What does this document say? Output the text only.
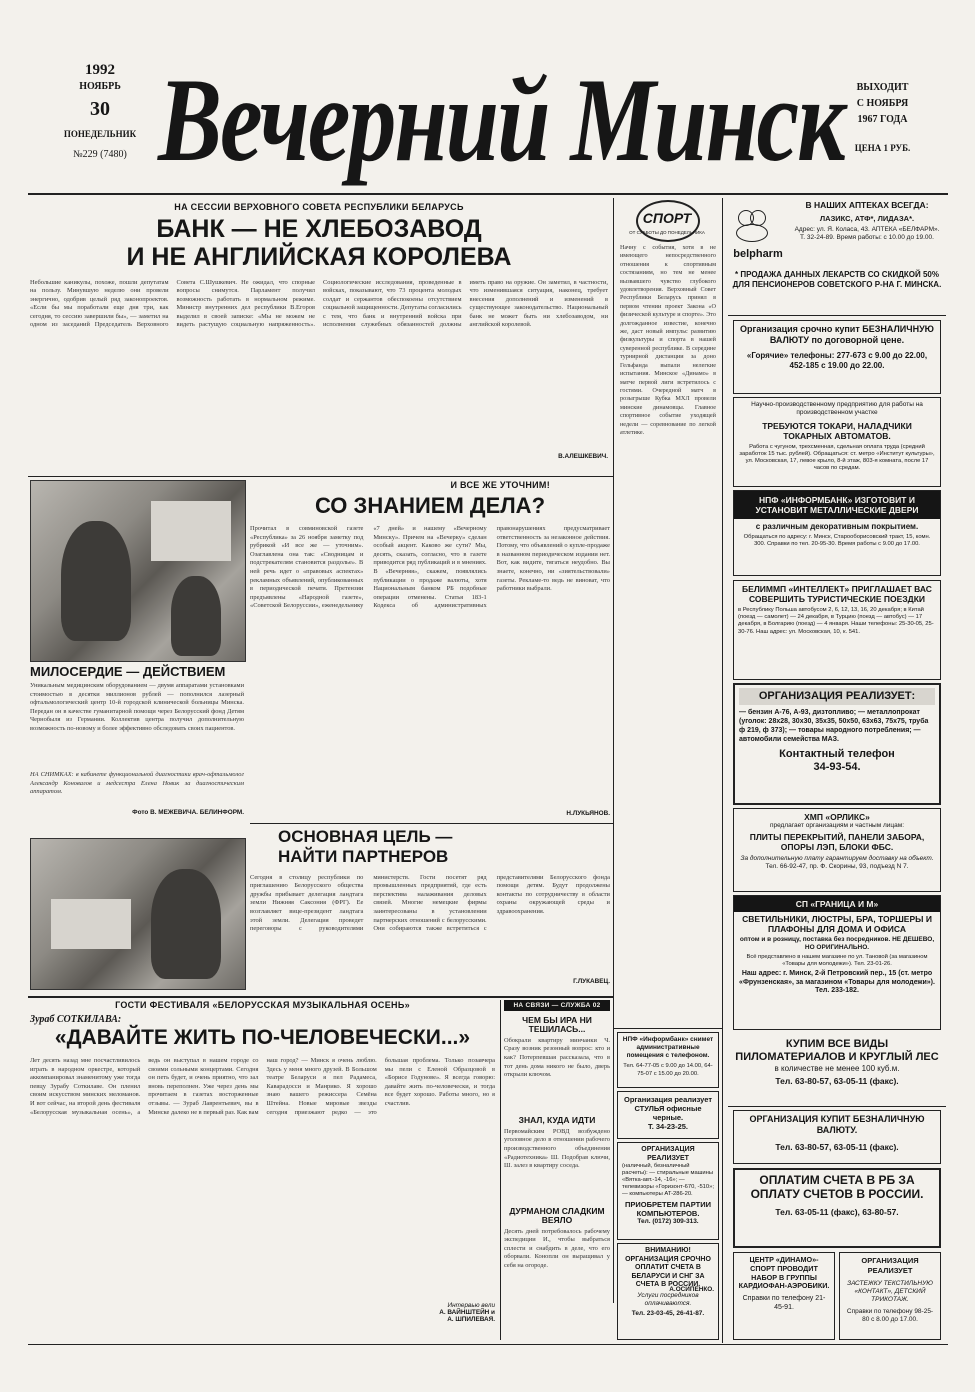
1992
НОЯБРЬ
30
ПОНЕДЕЛЬНИК
№229 (7480) Вечерний Минск	ВЫХОДИТ
С НОЯБРЯ
1967 ГОДА
ЦЕНА 1 РУБ.
НА СЕССИИ ВЕРХОВНОГО СОВЕТА РЕСПУБЛИКИ БЕЛАРУСЬ
БАНК — НЕ ХЛЕБОЗАВОД
И НЕ АНГЛИЙСКАЯ КОРОЛЕВА
Небольшие каникулы, похоже, пошли депутатам на пользу. Минувшую неделю они провели энергично, одобрив целый ряд законопроектов. «Если бы мы поработали еще дня три, как сегодня, то сессию завершили бы», — заметил на одном из заседаний Председатель Верховного Совета С.Шушкевич. Не ожидал, что спорные вопросы снимутся. Парламент получил возможность работать в нормальном режиме. Министр внутренних дел республики В.Егоров выделил в своей записке: «Мы не можем не видеть растущую социальную напряженность». Социологические исследования, проведенные в войсках, показывают, что 73 процента молодых солдат и сержантов обеспокоены отсутствием социальной защищенности. Депутаты согласились с тем, что банк и внутренний войска при исполнении служебных обязанностей должны иметь право на оружие. Он заметил, в частности, что изменившаяся ситуация, наконец, требует внесения дополнений и изменений в существующее законодательство. Национальный банк не может быть ни хлебозаводом, ни английской королевой.
В.АЛЕШКЕВИЧ.
СПОРТ
ОТ СУББОТЫ ДО ПОНЕДЕЛЬНИКА
Начну с события, хотя в не имеющего непосредственного отношения к спортивным состязаниям, но тем не менее вызвавшего чувство глубокого удовлетворения. Верховный Совет Республики Беларусь принял в первом чтении проект Закона «О физической культуре и спорте». Это долгожданное известие, конечно же, даст новый импульс развитию физкультуры и спорта в нашей суверенной республике. В середине турнирной дистанции за доно Гельфанда выпали нелегкие испытания. Минское «Динамо» в матче первой лиги встретилось с гостями. Очередной матч в розыгрыше Кубка МХЛ провели минские динамовцы. Главное спортивное событие уходящей недели — соревнование по легкой атлетике.
А.ОСИПЕНКО.
belpharm
В НАШИХ АПТЕКАХ ВСЕГДА:
ЛАЗИКС, АТФ*, ЛИДАЗА*.
Адрес: ул. Я. Коласа, 43. АПТЕКА «БЕЛФАРМ». Т. 32-24-89. Время работы: с 10.00 до 19.00.
* ПРОДАЖА ДАННЫХ ЛЕКАРСТВ СО СКИДКОЙ 50% ДЛЯ ПЕНСИОНЕРОВ СОВЕТСКОГО Р-НА Г. МИНСКА.
Организация срочно купит БЕЗНАЛИЧНУЮ ВАЛЮТУ по договорной цене.
«Горячие» телефоны: 277-673 с 9.00 до 22.00,
452-185 с 19.00 до 22.00.
Научно-производственному предприятию для работы на производственном участке
ТРЕБУЮТСЯ ТОКАРИ, НАЛАДЧИКИ ТОКАРНЫХ АВТОМАТОВ.
Работа с чугуном, трехсменная, сдельная оплата труда (средний заработок 15 тыс. рублей). Обращаться: ст. метро «Институт культуры», ул. Московская, 17, левое крыло, 8-й этаж, 803-я комната, после 17 часов по средам.
НПФ «ИНФОРМБАНК» ИЗГОТОВИТ И УСТАНОВИТ МЕТАЛЛИЧЕСКИЕ ДВЕРИ
с различным декоративным покрытием.
Обращаться по адресу: г. Минск, Старооборисовский тракт, 15, комн. 300. Справки по тел. 20-95-30. Время работы с 9.00 до 17.00.
БЕЛИММП «ИНТЕЛЛЕКТ» ПРИГЛАШАЕТ ВАС СОВЕРШИТЬ ТУРИСТИЧЕСКИЕ ПОЕЗДКИ
в Республику Польша автобусом 2, 6, 12, 13, 16, 20 декабря; в Китай (поезд — самолет) — 24 декабря, в Турцию (поезд — автобус) — 17 декабря, в Болгарию (поезд) — 4 января. Наши телефоны: 25-30-05, 25-30-76. Наш адрес: ул. Московская, 10, к. 541.
ОРГАНИЗАЦИЯ РЕАЛИЗУЕТ:
— бензин А-76, А-93, дизтопливо; — металлопрокат (уголок: 28х28, 30х30, 35х35, 50х50, 63х63, 75х75, труба ф 219, ф 373); — товары народного потребления; — автомобили семейства МАЗ.
Контактный телефон
34-93-54.
ХМП «ОРЛИКС»
предлагает организациям и частным лицам:
ПЛИТЫ ПЕРЕКРЫТИЙ, ПАНЕЛИ ЗАБОРА, ОПОРЫ ЛЭП, БЛОКИ ФБС.
За дополнительную плату гарантируем доставку на объект.
Тел. 66-92-47, пр. Ф. Скорины, 93, подъезд N 7.
СП «ГРАНИЦА И М»
СВЕТИЛЬНИКИ, ЛЮСТРЫ, БРА, ТОРШЕРЫ И ПЛАФОНЫ ДЛЯ ДОМА И ОФИСА
оптом и в розницу, поставка без посредников. НЕ ДЕШЕВО, НО ОРИГИНАЛЬНО.
Всё представлено в нашем магазине по ул. Тановой (за магазином «Товары для молодежи»). Тел. 23-01-26.
Наш адрес: г. Минск, 2-й Петровский пер., 15 (ст. метро «Фрунзенская», за магазином «Товары для молодежи»). Тел. 233-182.
КУПИМ ВСЕ ВИДЫ ПИЛОМАТЕРИАЛОВ И КРУГЛЫЙ ЛЕС
в количестве не менее 100 куб.м.
Тел. 63-80-57, 63-05-11 (факс).
ОРГАНИЗАЦИЯ КУПИТ БЕЗНАЛИЧНУЮ ВАЛЮТУ.
Тел. 63-80-57, 63-05-11 (факс).
ОПЛАТИМ СЧЕТА В РБ ЗА ОПЛАТУ СЧЕТОВ В РОССИИ.
Тел. 63-05-11 (факс), 63-80-57.
ЦЕНТР «ДИНАМО»-СПОРТ ПРОВОДИТ НАБОР В ГРУППЫ КАРДИОФАН-АЭРОБИКИ.
Справки по телефону 21-45-91.
ОРГАНИЗАЦИЯ РЕАЛИЗУЕТ
ЗАСТЕЖКУ ТЕКСТИЛЬНУЮ «КОНТАКТ», ДЕТСКИЙ ТРИКОТАЖ.
Справки по телефону 98-25-80 с 8.00 до 17.00.
МИЛОСЕРДИЕ — ДЕЙСТВИЕМ
Уникальным медицинским оборудованием — двумя аппаратами установками стоимостью в десятки миллионов рублей — пополнился лазерный офтальмологический центр 10-й городской клинической больницы Минска. Передан он в качестве гуманитарной помощи через Белорусский фонд Детям Чернобыля из Германии. Коллектив центра получил дополнительную возможность по-новому и более эффективно обследовать своих пациентов.
НА СНИМКАХ: в кабинете функциональной диагностики врач-офтальмолог Александр Коновалов и медсестра Елена Новик за диагностическим аппаратом.
Фото В. МЕЖЕВИЧА. БЕЛИНФОРМ.
И ВСЕ ЖЕ УТОЧНИМ!
СО ЗНАНИЕМ ДЕЛА?
Прочитал в совминовской газете «Республика» за 26 ноября заметку под рубрикой «И все же — уточним». Озаглавлена она так: «Сводницам и подстрекателям становится раздолье». В ней речь идет о «правовых аспектах» рекламных объявлений, опубликованных в периодической печати. Претензии предъявлены «Народной газете», «Советской Белоруссии», еженедельнику «7 дней» и нашему «Вечерному Минску». Причем на «Вечерку» сделан особый акцент. Каково же сути? Мы, десять, сказать, согласно, что в газете приводится ряд публикаций и в мнениях. В «Вечерняя», скажем, появлялись публикации о продаже валюты, хотя Национальным банком РБ подобные операции отменены. Статья 183-1 Кодекса об административных правонарушениях предусматривает ответственность за незаконное действия. Потому, что объявлений о купле-продаже в названном периодическом издании нет. Вот, как видите, тягаться неудобно. Вы знаете, конечно, ни «зиятельствовали» газеты. Рекламе-то ведь не виноват, что работники выбрали.
Н.ЛУКЬЯНОВ.
ОСНОВНАЯ ЦЕЛЬ —
НАЙТИ ПАРТНЕРОВ
Сегодня в столицу республики по приглашению Белорусского общества дружбы прибывает делегация ландтага земли Нижняя Саксония (ФРГ). Ее возглавляет вице-президент ландтага этой земли. Делегация проведет переговоры с руководителями министерств. Гости посетят ряд промышленных предприятий, где есть перспектива налаживания деловых связей. Многие немецкие фирмы заинтересованы в установлении партнерских отношений с белорусскими. Они собираются также встретиться с представителями Белорусского фонда помощи детям. Будут продолжены контакты по сотрудничеству в области охраны окружающей среды и здравоохранения.
Г.ЛУКАВЕЦ.
ГОСТИ ФЕСТИВАЛЯ «БЕЛОРУССКАЯ МУЗЫКАЛЬНАЯ ОСЕНЬ»
Зураб СОТКИЛАВА:
«ДАВАЙТЕ ЖИТЬ ПО-ЧЕЛОВЕЧЕСКИ...»
Лет десять назад мне посчастливилось играть в народном оркестре, который аккомпанировал знаменитому уже тогда певцу Зурабу Соткилаве. Он пленил своим искусством минских меломанов. И вот сейчас, на второй день фестиваля «Белорусская музыкальная осень», а ведь он выступал в нашем городе со своими сольными концертами. Сегодня он петь будет, и очень приятно, что зал вновь переполнен. Уже через день мы прочитаем в газетах восторженные отзывы. — Зураб Лаврентьевич, вы в Минске далеко не в первый раз. Как вам наш город? — Минск я очень люблю. Здесь у меня много друзей. В Большом театре Беларуси я пел Радамеса, Каварадосси и Манрико. Я хорошо знаю вашего режиссера Семёна Штейна. Новые мировые звезды сегодня приезжают редко — это большая проблема. Только позавчера мы пели с Еленой Образцовой в «Борисе Годунове». Я всегда говорю: давайте жить по-человечески, и тогда все будет хорошо. Работы много, но я счастлив.
Интервью вели
А. ВАЙНШТЕЙН и
А. ШПИЛЕВАЯ.
НА СВЯЗИ — СЛУЖБА 02
ЧЕМ БЫ ИРА НИ ТЕШИЛАСЬ...
Обокрали квартиру минчанки Ч. Сразу возник резонный вопрос: кто и как? Потерпевшая рассказала, что в тот день дома никого не было, дверь открыли ключом.
ЗНАЛ, КУДА ИДТИ
Первомайским РОВД возбуждено уголовное дело в отношении рабочего производственного объединения «Радиотехника» Ш. Подобрав ключи, Ш. залез в квартиру соседа.
ДУРМАНОМ СЛАДКИМ ВЕЯЛО
Десять дней потребовалось рабочему экспедиции И., чтобы выбраться сплести и снабдить в деле, что его оборвали. Конопли он выращивал у себя на огороде.
НПФ «Информбанк» снимет административные помещения с телефоном.
Тел. 64-77-05 с 9.00 до 14.00, 64-75-07 с 15.00 до 20.00.
Организация реализует СТУЛЬЯ офисные черные.
Т. 34-23-25.
ОРГАНИЗАЦИЯ РЕАЛИЗУЕТ
(наличный, безналичный расчеты): — стиральные машины «Вятка-авт.-14, -16»; — телевизоры «Горизонт-670, -510»; — компьютеры AT-286-20.
ПРИОБРЕТЕМ ПАРТИИ КОМПЬЮТЕРОВ.
Тел. (0172) 309-313.
ВНИМАНИЮ! ОРГАНИЗАЦИЯ СРОЧНО ОПЛАТИТ СЧЕТА В БЕЛАРУСИ И СНГ ЗА СЧЕТА В РОССИИ.
Услуги посредников оплачиваются.
Тел. 23-03-45, 26-41-87.
